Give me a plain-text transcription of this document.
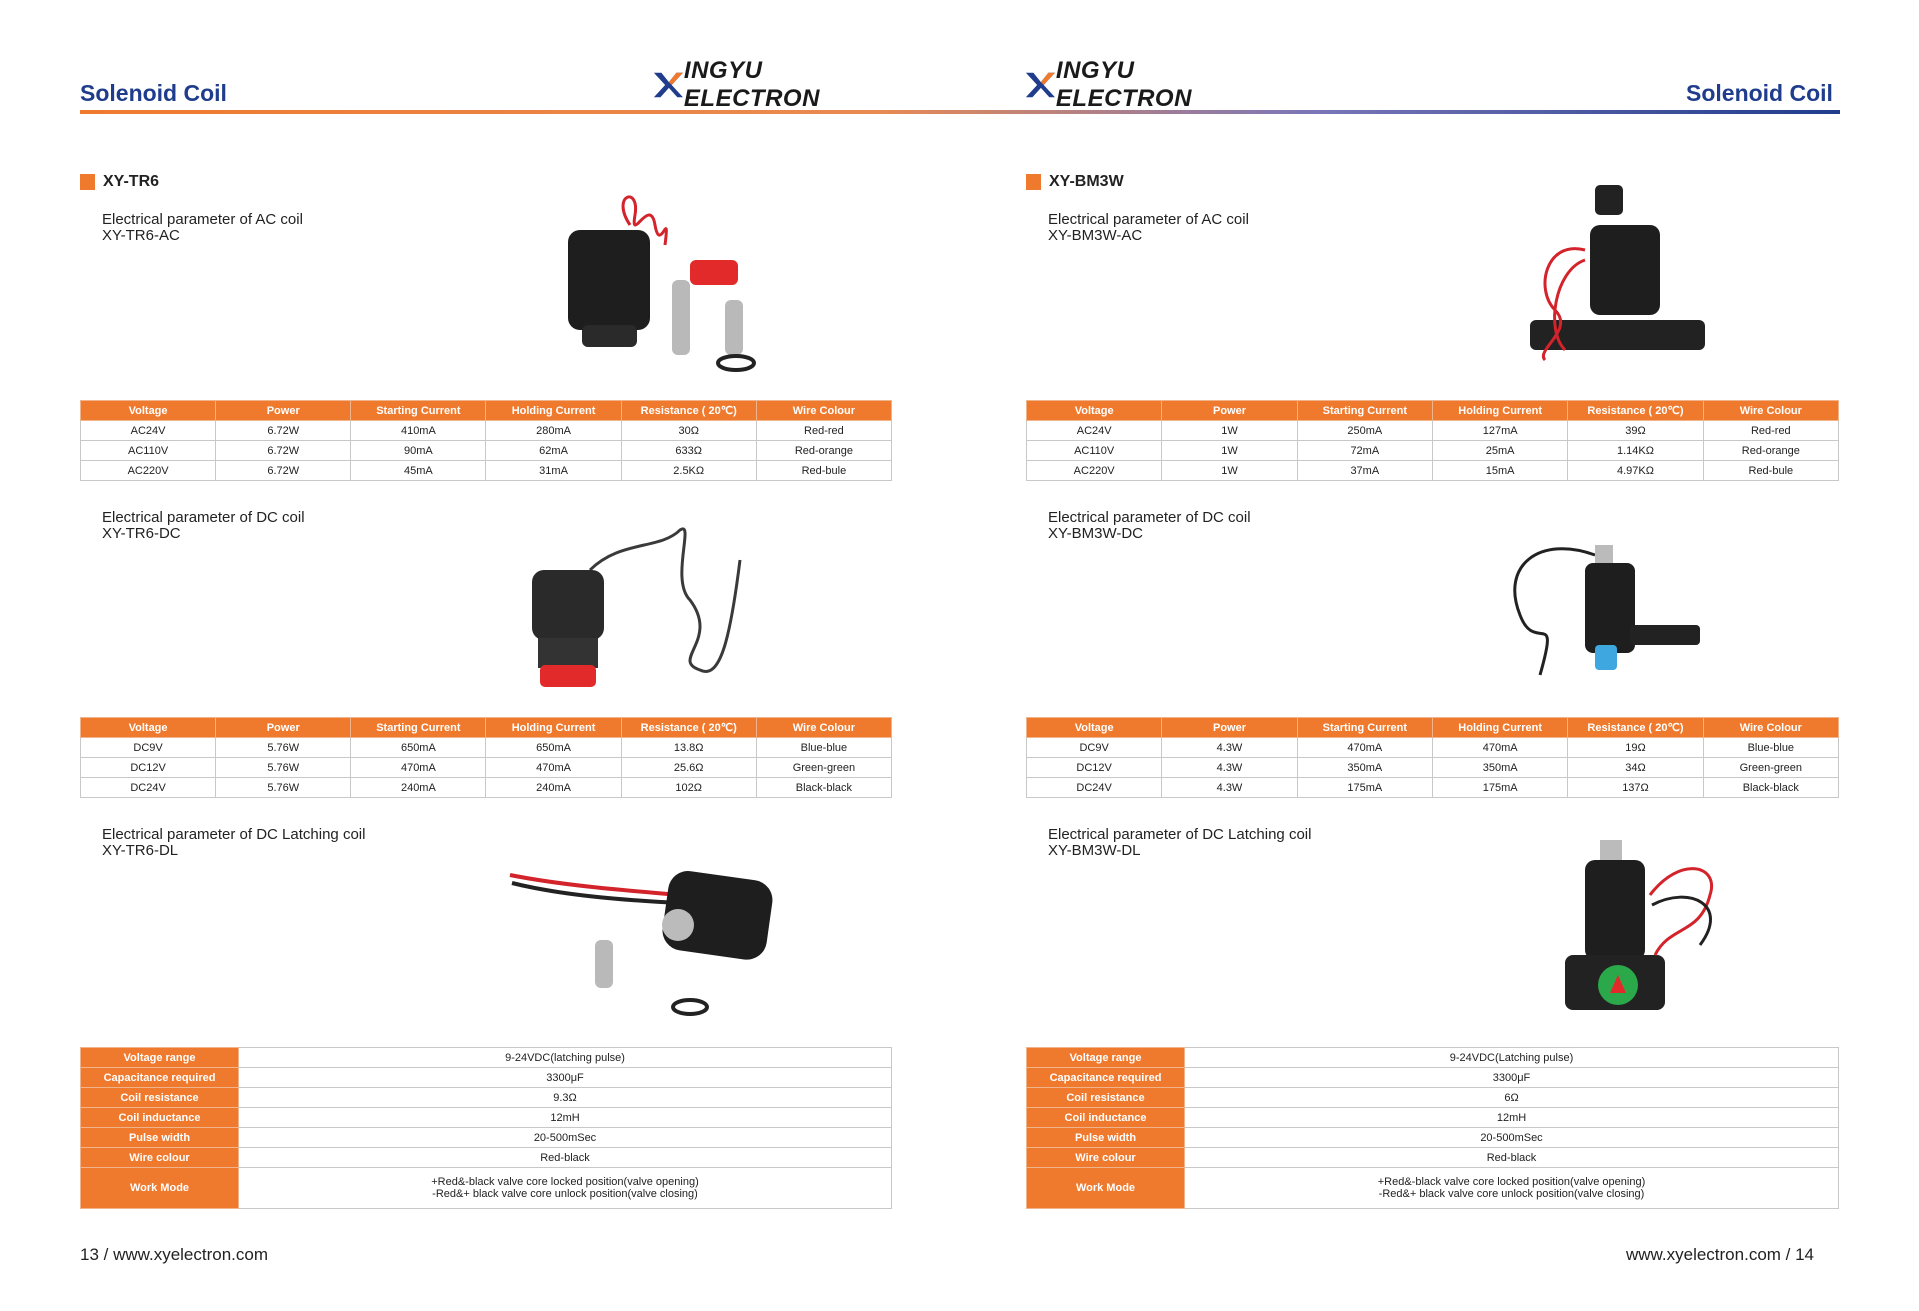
Solenoid Coil	Solenoid Coil
INGYU ELECTRON
INGYU ELECTRON
XY-TR6
Electrical parameter of AC coil
XY-TR6-AC
Electrical parameter of DC coil
XY-TR6-DC
Electrical parameter of DC Latching coil
XY-TR6-DL
Voltage	Power	Starting Current	Holding Current	Resistance ( 20℃)	Wire Colour
AC24V	6.72W	410mA	280mA	30Ω	Red-red
AC110V	6.72W	90mA	62mA	633Ω	Red-orange
AC220V	6.72W	45mA	31mA	2.5KΩ	Red-bule
Voltage	Power	Starting Current	Holding Current	Resistance ( 20℃)	Wire Colour
DC9V	5.76W	650mA	650mA	13.8Ω	Blue-blue
DC12V	5.76W	470mA	470mA	25.6Ω	Green-green
DC24V	5.76W	240mA	240mA	102Ω	Black-black
Voltage range	9-24VDC(latching pulse)
Capacitance required	3300μF
Coil resistance	9.3Ω
Coil inductance	12mH
Pulse width	20-500mSec
Wire colour	Red-black
Work Mode	+Red&-black valve core locked position(valve opening)
-Red&+ black valve core unlock position(valve closing)
13 / www.xyelectron.com
XY-BM3W
Electrical parameter of AC coil
XY-BM3W-AC
Electrical parameter of DC coil
XY-BM3W-DC
Electrical parameter of DC Latching coil
XY-BM3W-DL
Voltage	Power	Starting Current	Holding Current	Resistance ( 20℃)	Wire Colour
AC24V	1W	250mA	127mA	39Ω	Red-red
AC110V	1W	72mA	25mA	1.14KΩ	Red-orange
AC220V	1W	37mA	15mA	4.97KΩ	Red-bule
Voltage	Power	Starting Current	Holding Current	Resistance ( 20℃)	Wire Colour
DC9V	4.3W	470mA	470mA	19Ω	Blue-blue
DC12V	4.3W	350mA	350mA	34Ω	Green-green
DC24V	4.3W	175mA	175mA	137Ω	Black-black
Voltage range	9-24VDC(Latching pulse)
Capacitance required	3300μF
Coil resistance	6Ω
Coil inductance	12mH
Pulse width	20-500mSec
Wire colour	Red-black
Work Mode	+Red&-black valve core locked position(valve opening)
-Red&+ black valve core unlock position(valve closing)
www.xyelectron.com / 14
